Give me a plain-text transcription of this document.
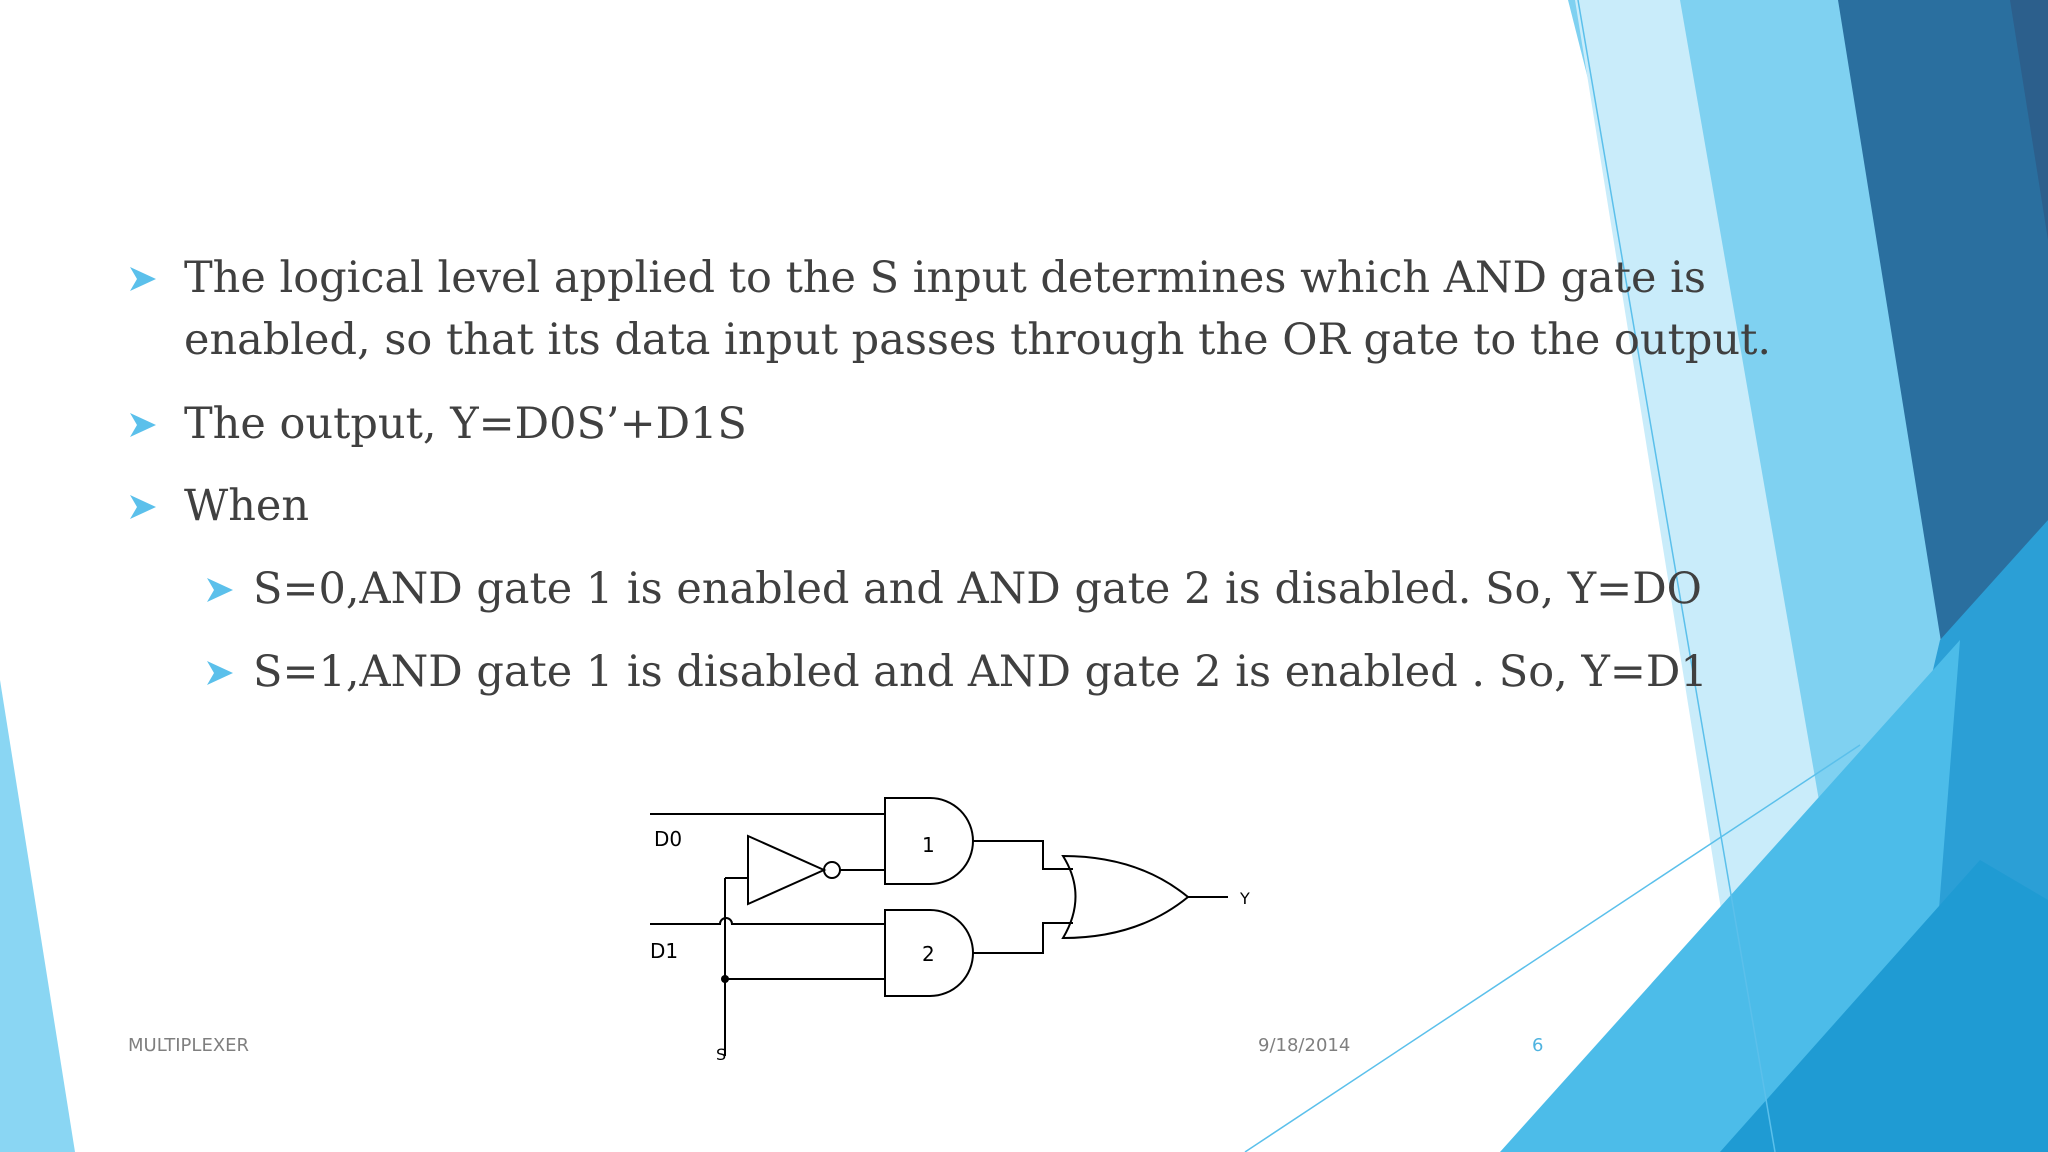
The logical level applied to the S input determines which AND gate is enabled, so that its data input passes through the OR gate to the output.
The output, Y=D0S’+D1S
When
S=0,AND gate 1 is enabled and AND gate 2 is disabled. So, Y=DO
S=1,AND gate 1 is disabled and AND gate 2 is enabled . So, Y=D1
D0
D1
S
Y
1
2
MULTIPLEXER	9/18/2014	6
